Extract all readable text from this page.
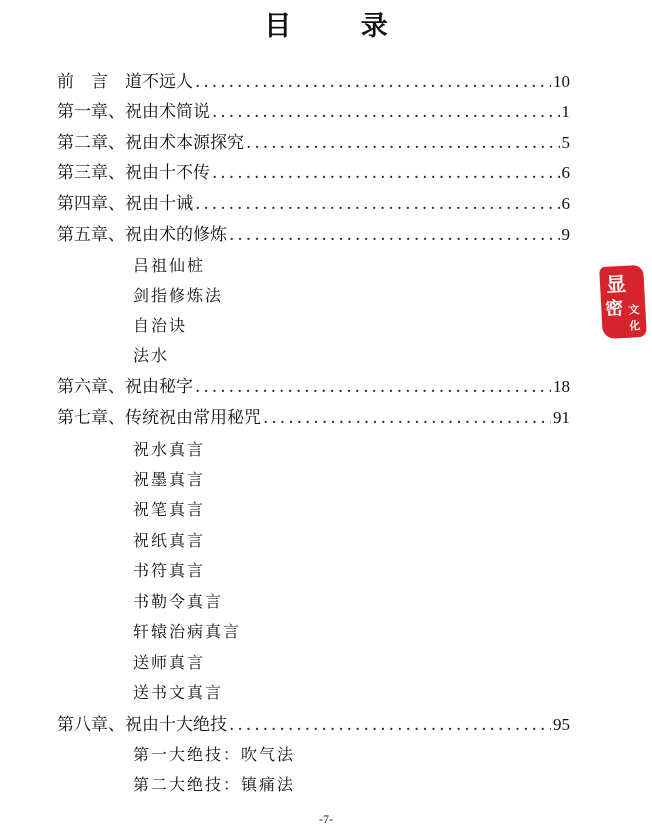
目 录
前　言　道不远人 .....	10
第一章、祝由术简说 .....	1
第二章、祝由术本源探究 .....	5
第三章、祝由十不传 .....	6
第四章、祝由十诫 .....	6
第五章、祝由术的修炼 .....	9
吕祖仙桩
剑指修炼法
自治诀
法水
第六章、祝由秘字 .....	18
第七章、传统祝由常用秘咒 .....	91
祝水真言
祝墨真言
祝笔真言
祝纸真言
书符真言
书勒令真言
轩辕治病真言
送师真言
送书文真言
第八章、祝由十大绝技 .....	95
第一大绝技：吹气法
第二大绝技：镇痛法
显
密 文
化
-7-
